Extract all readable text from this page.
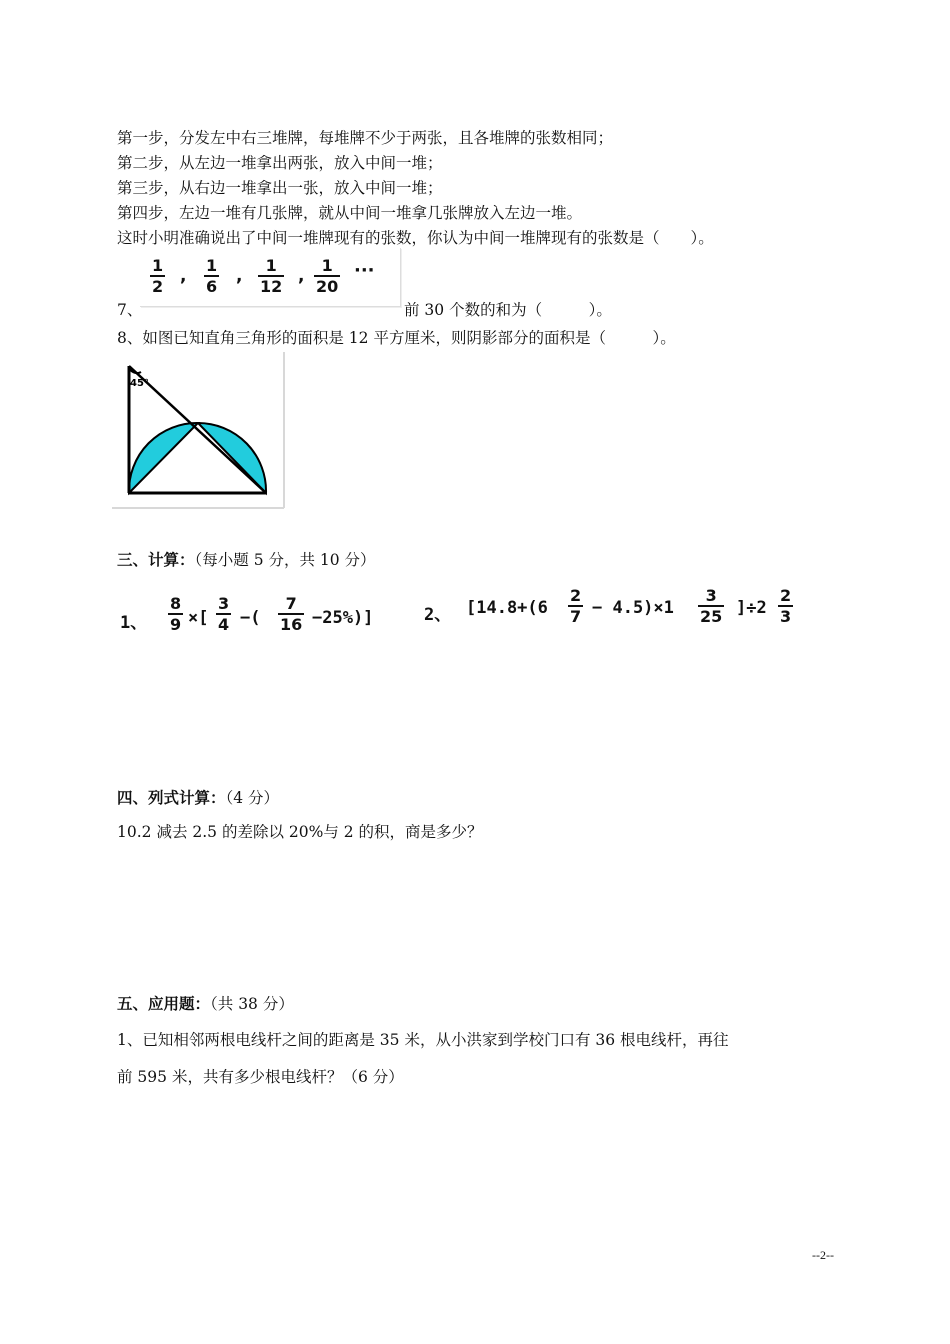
第一步，分发左中右三堆牌，每堆牌不少于两张，且各堆牌的张数相同；
第二步，从左边一堆拿出两张，放入中间一堆；
第三步，从右边一堆拿出一张，放入中间一堆；
第四步，左边一堆有几张牌，就从中间一堆拿几张牌放入左边一堆。
这时小明准确说出了中间一堆牌现有的张数，你认为中间一堆牌现有的张数是（　　）。
$\frac{1}{2}$ , $\frac{1}{6}$ , $\frac{1}{12}$ , $\frac{1}{20}$ ···
7、	前 30 个数的和为（　　　）。
8、如图已知直角三角形的面积是 12 平方厘米，则阴影部分的面积是（　　　）。
45°
三、计算：（每小题 5 分，共 10 分）
1、 $\frac{8}{9}$ ×[ $\frac{3}{4}$ −( $\frac{7}{16} -25\%$)]	2、 $[14.8+(6 \frac{2}{7} - 4.5)\times 1 \frac{3}{25} ]\div 2 \frac{2}{3}$
四、列式计算：（4 分）
10.2 减去 2.5 的差除以 20%与 2 的积，商是多少？
五、应用题：（共 38 分）
1、已知相邻两根电线杆之间的距离是 35 米，从小洪家到学校门口有 36 根电线杆，再往
前 595 米，共有多少根电线杆？（6 分）
--2--
